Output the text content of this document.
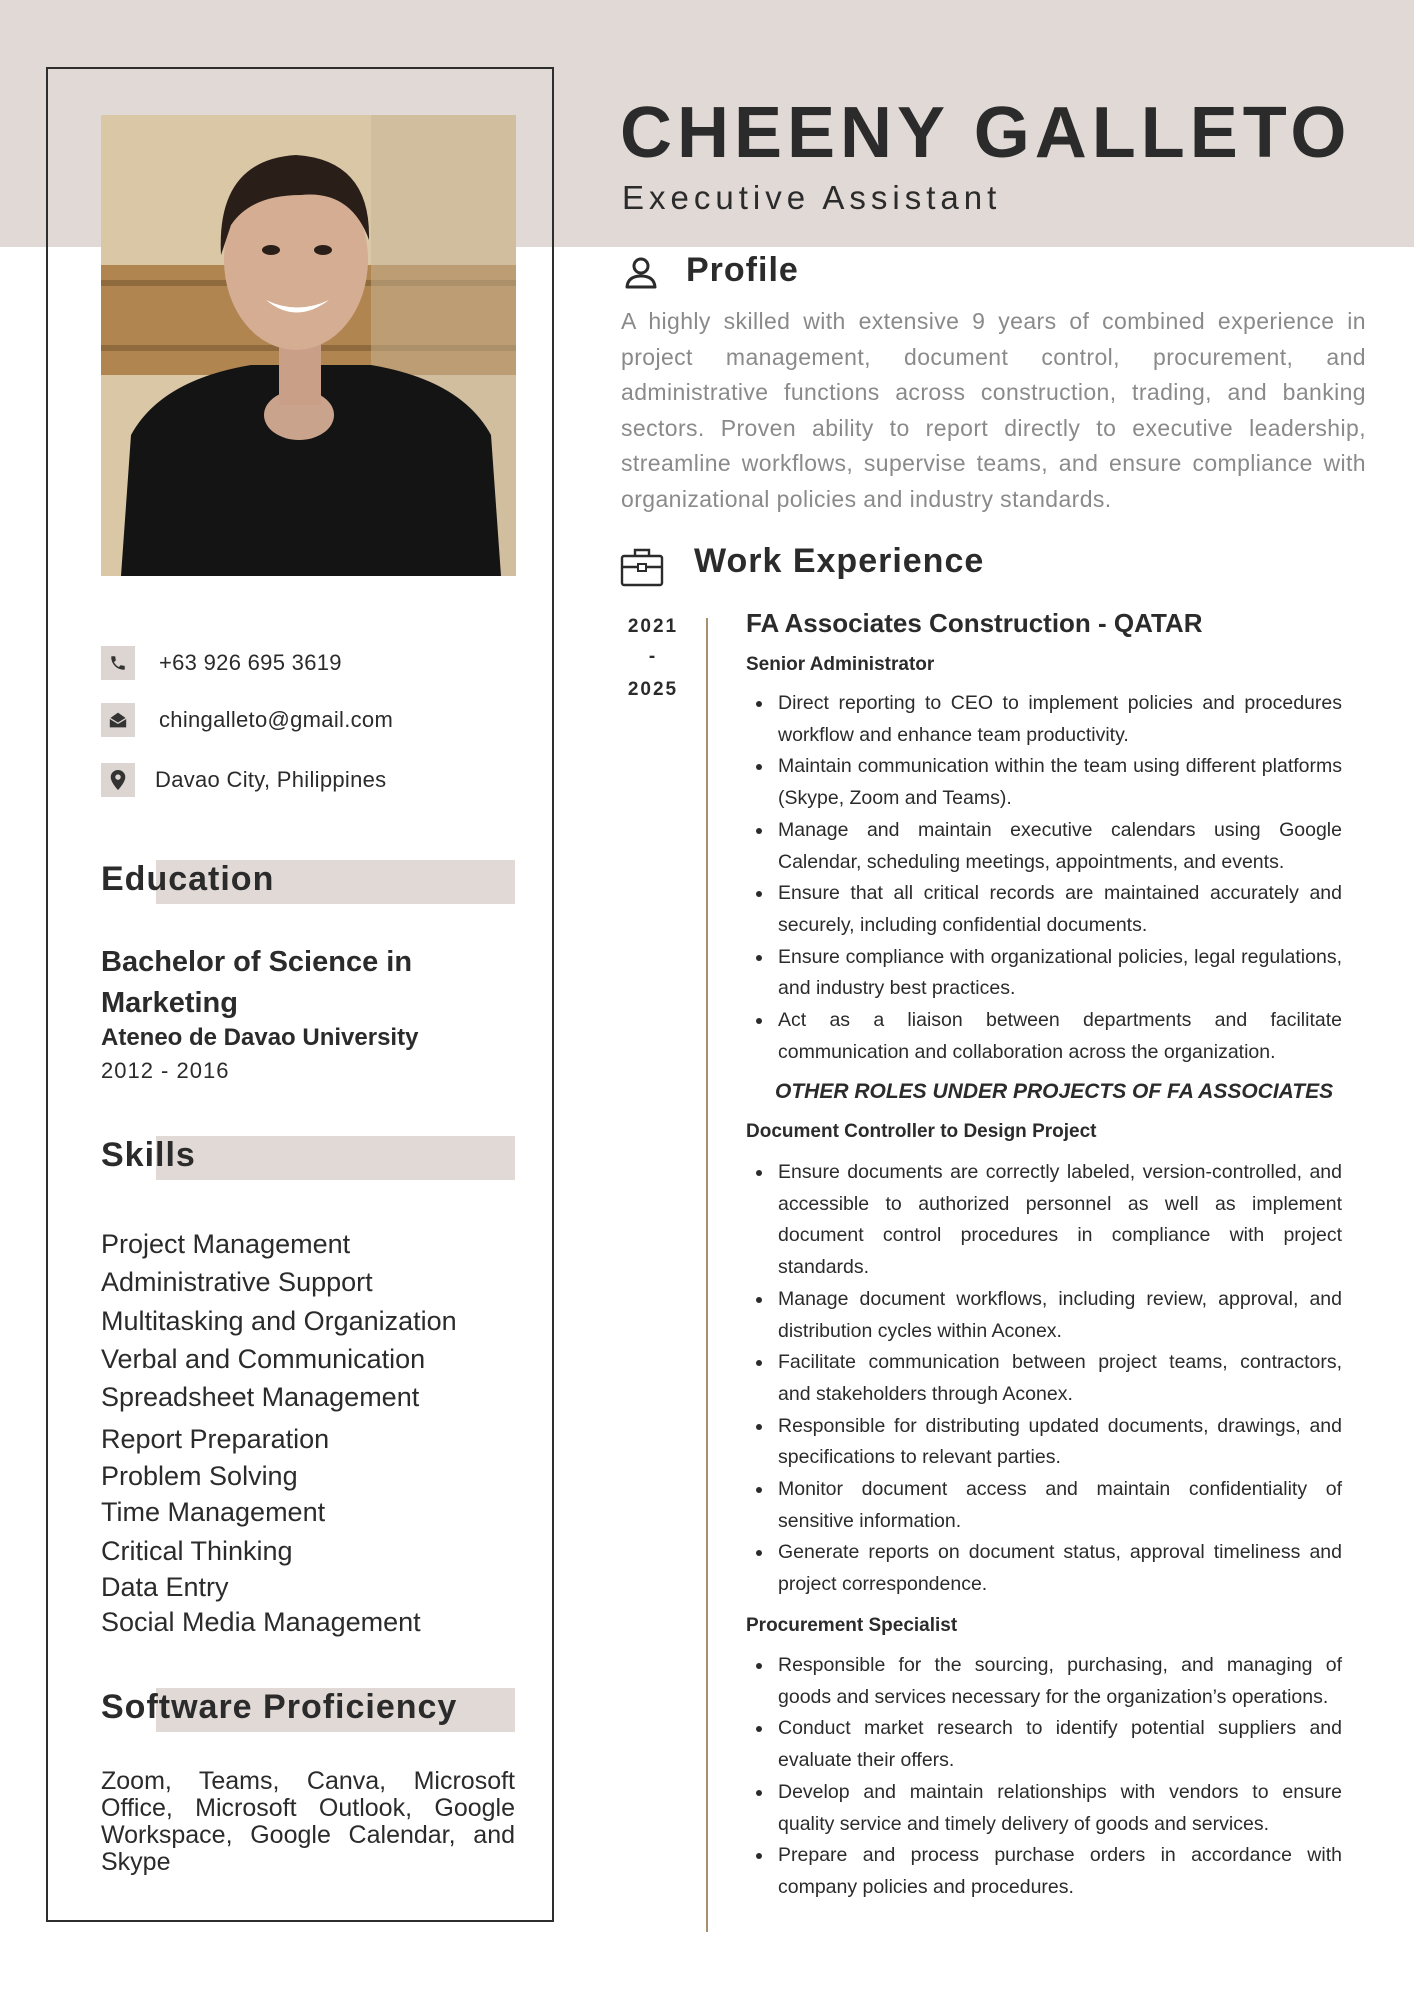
+63 926 695 3619
chingalleto@gmail.com
Davao City, Philippines
Education
Bachelor of Science in Marketing
Ateneo de Davao University
2012 - 2016
Skills
Project Management
Administrative Support
Multitasking and Organization
Verbal and Communication
Spreadsheet Management
Report Preparation
Problem Solving
Time Management
Critical Thinking
Data Entry
Social Media Management
Software Proficiency
Zoom, Teams, Canva, Microsoft Office, Microsoft Outlook, Google Workspace, Google Calendar, and Skype
CHEENY GALLETO
Executive Assistant
Profile
A highly skilled with extensive 9 years of combined experience in project management, document control, procurement, and administrative functions across construction, trading, and banking sectors. Proven ability to report directly to executive leadership, streamline workflows, supervise teams, and ensure compliance with organizational policies and industry standards.
Work Experience
2021
-
2025
FA Associates Construction - QATAR
Senior Administrator
Direct reporting to CEO to implement policies and procedures workflow and enhance team productivity.
Maintain communication within the team using different platforms (Skype, Zoom and Teams).
Manage and maintain executive calendars using Google Calendar, scheduling meetings, appointments, and events.
Ensure that all critical records are maintained accurately and securely, including confidential documents.
Ensure compliance with organizational policies, legal regulations, and industry best practices.
Act as a liaison between departments and facilitate communication and collaboration across the organization.
OTHER ROLES UNDER PROJECTS OF FA ASSOCIATES
Document Controller to Design Project
Ensure documents are correctly labeled, version-controlled, and accessible to authorized personnel as well as implement document control procedures in compliance with project standards.
Manage document workflows, including review, approval, and distribution cycles within Aconex.
Facilitate communication between project teams, contractors, and stakeholders through Aconex.
Responsible for distributing updated documents, drawings, and specifications to relevant parties.
Monitor document access and maintain confidentiality of sensitive information.
Generate reports on document status, approval timeliness and project correspondence.
Procurement Specialist
Responsible for the sourcing, purchasing, and managing of goods and services necessary for the organization’s operations.
Conduct market research to identify potential suppliers and evaluate their offers.
Develop and maintain relationships with vendors to ensure quality service and timely delivery of goods and services.
Prepare and process purchase orders in accordance with company policies and procedures.
